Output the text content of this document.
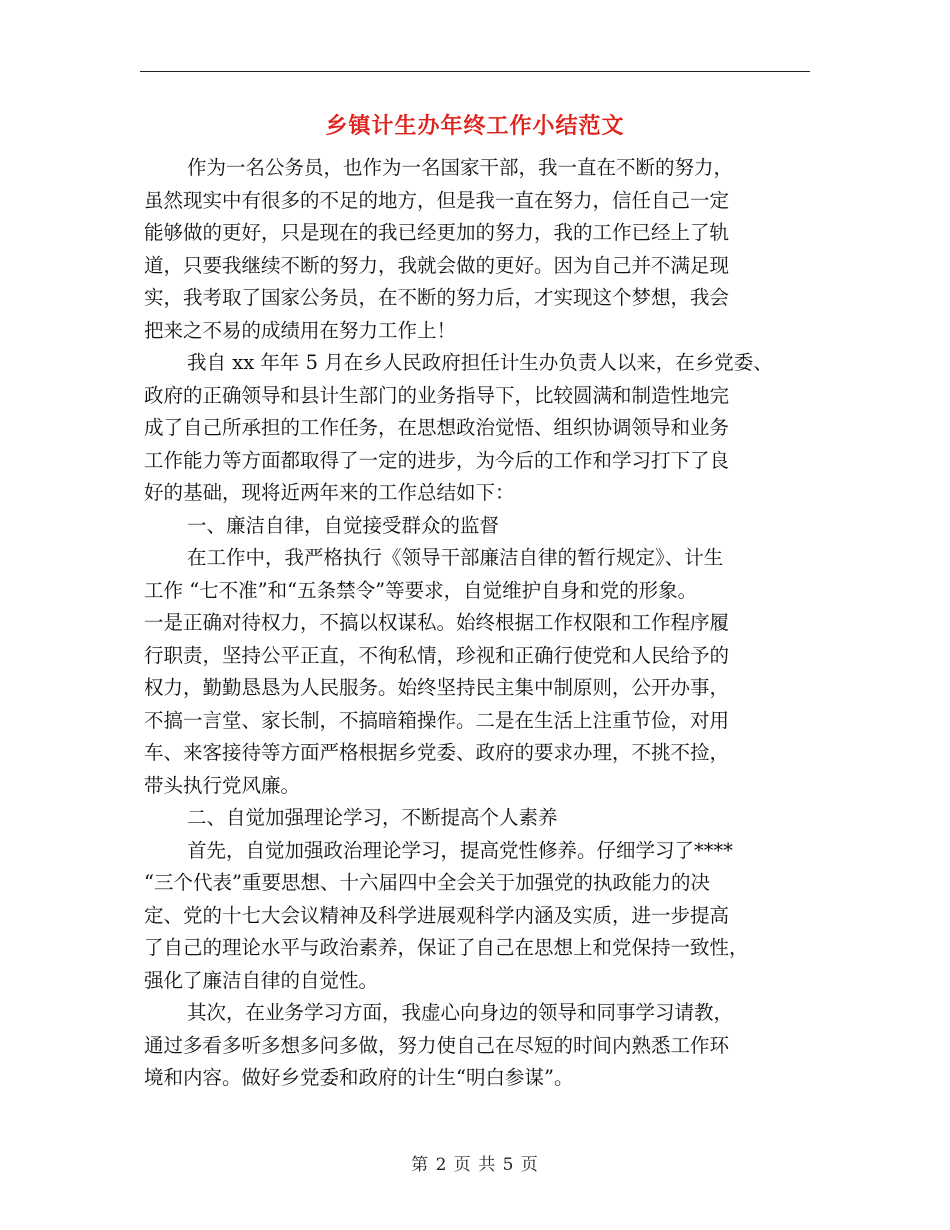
乡镇计生办年终工作小结范文
作为一名公务员，也作为一名国家干部，我一直在不断的努力，
虽然现实中有很多的不足的地方，但是我一直在努力，信任自己一定
能够做的更好，只是现在的我已经更加的努力，我的工作已经上了轨
道，只要我继续不断的努力，我就会做的更好。因为自己并不满足现
实，我考取了国家公务员，在不断的努力后，才实现这个梦想，我会
把来之不易的成绩用在努力工作上！
我自 xx 年年 5 月在乡人民政府担任计生办负责人以来，在乡党委、
政府的正确领导和县计生部门的业务指导下，比较圆满和制造性地完
成了自己所承担的工作任务，在思想政治觉悟、组织协调领导和业务
工作能力等方面都取得了一定的进步，为今后的工作和学习打下了良
好的基础，现将近两年来的工作总结如下：
一、廉洁自律，自觉接受群众的监督
在工作中，我严格执行《领导干部廉洁自律的暂行规定》、计生
工作 “七不准”和“五条禁令”等要求，自觉维护自身和党的形象。
一是正确对待权力，不搞以权谋私。始终根据工作权限和工作程序履
行职责，坚持公平正直，不徇私情，珍视和正确行使党和人民给予的
权力，勤勤恳恳为人民服务。始终坚持民主集中制原则，公开办事，
不搞一言堂、家长制，不搞暗箱操作。二是在生活上注重节俭，对用
车、来客接待等方面严格根据乡党委、政府的要求办理，不挑不捡，
带头执行党风廉。
二、自觉加强理论学习，不断提高个人素养
首先，自觉加强政治理论学习，提高党性修养。仔细学习了****
“三个代表”重要思想、十六届四中全会关于加强党的执政能力的决
定、党的十七大会议精神及科学进展观科学内涵及实质，进一步提高
了自己的理论水平与政治素养，保证了自己在思想上和党保持一致性，
强化了廉洁自律的自觉性。
其次，在业务学习方面，我虚心向身边的领导和同事学习请教，
通过多看多听多想多问多做，努力使自己在尽短的时间内熟悉工作环
境和内容。做好乡党委和政府的计生“明白参谋”。
第 2 页 共 5 页
